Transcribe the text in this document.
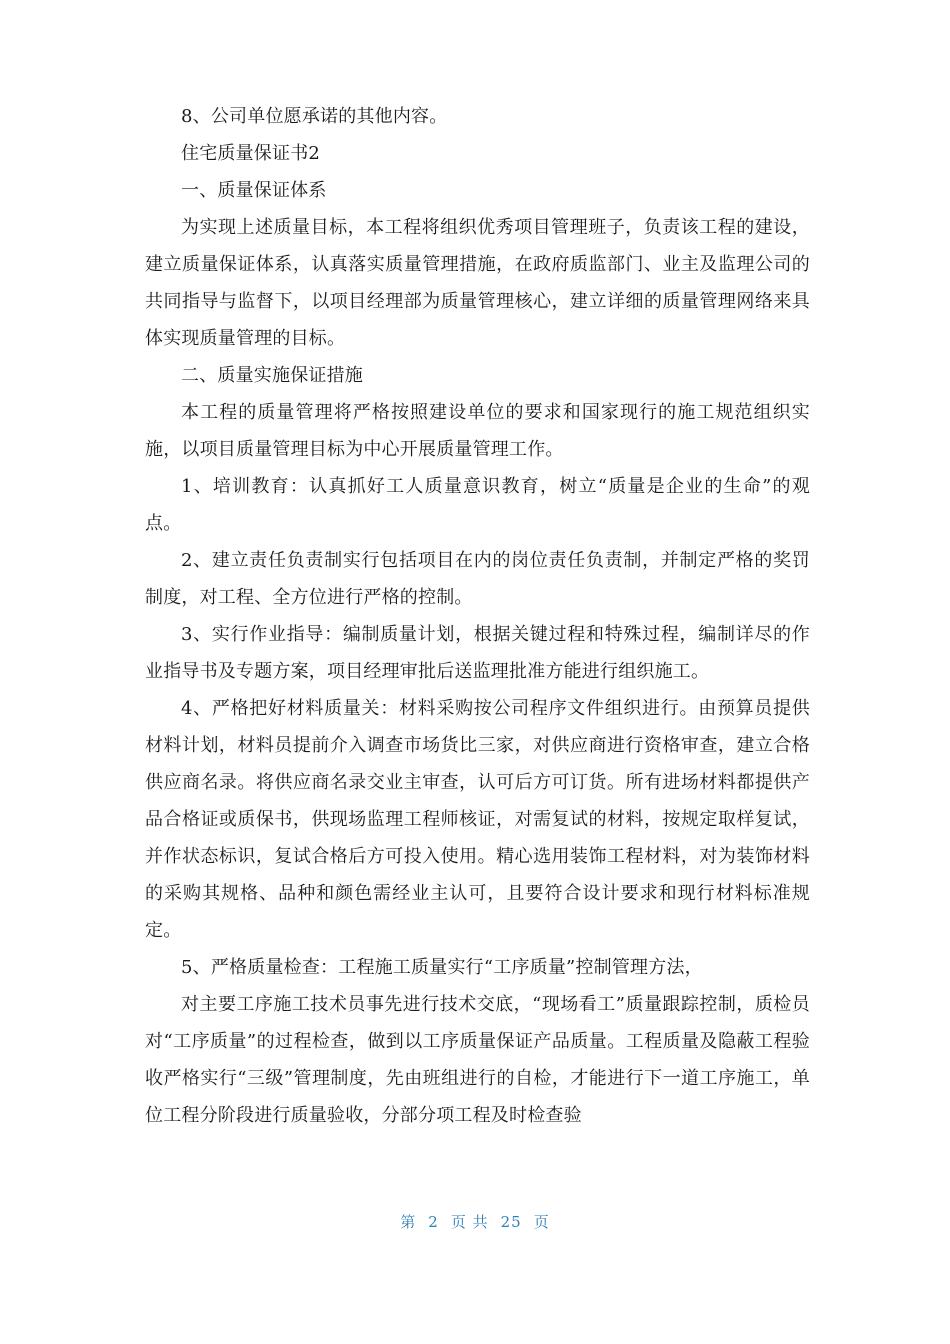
8、公司单位愿承诺的其他内容。

住宅质量保证书2

一、质量保证体系

为实现上述质量目标，本工程将组织优秀项目管理班子，负责该工程的建设，建立质量保证体系，认真落实质量管理措施，在政府质监部门、业主及监理公司的共同指导与监督下，以项目经理部为质量管理核心，建立详细的质量管理网络来具体实现质量管理的目标。

二、质量实施保证措施

本工程的质量管理将严格按照建设单位的要求和国家现行的施工规范组织实施，以项目质量管理目标为中心开展质量管理工作。

1、培训教育：认真抓好工人质量意识教育，树立“质量是企业的生命”的观点。

2、建立责任负责制实行包括项目在内的岗位责任负责制，并制定严格的奖罚制度，对工程、全方位进行严格的控制。

3、实行作业指导：编制质量计划，根据关键过程和特殊过程，编制详尽的作业指导书及专题方案，项目经理审批后送监理批准方能进行组织施工。

4、严格把好材料质量关：材料采购按公司程序文件组织进行。由预算员提供材料计划，材料员提前介入调查市场货比三家，对供应商进行资格审查，建立合格供应商名录。将供应商名录交业主审查，认可后方可订货。所有进场材料都提供产品合格证或质保书，供现场监理工程师核证，对需复试的材料，按规定取样复试，并作状态标识，复试合格后方可投入使用。精心选用装饰工程材料，对为装饰材料的采购其规格、品种和颜色需经业主认可，且要符合设计要求和现行材料标准规定。

5、严格质量检查：工程施工质量实行“工序质量”控制管理方法，

对主要工序施工技术员事先进行技术交底，“现场看工”质量跟踪控制，质检员对“工序质量”的过程检查，做到以工序质量保证产品质量。工程质量及隐蔽工程验收严格实行“三级”管理制度，先由班组进行的自检，才能进行下一道工序施工，单位工程分阶段进行质量验收，分部分项工程及时检查验

第 2 页 共 25 页
